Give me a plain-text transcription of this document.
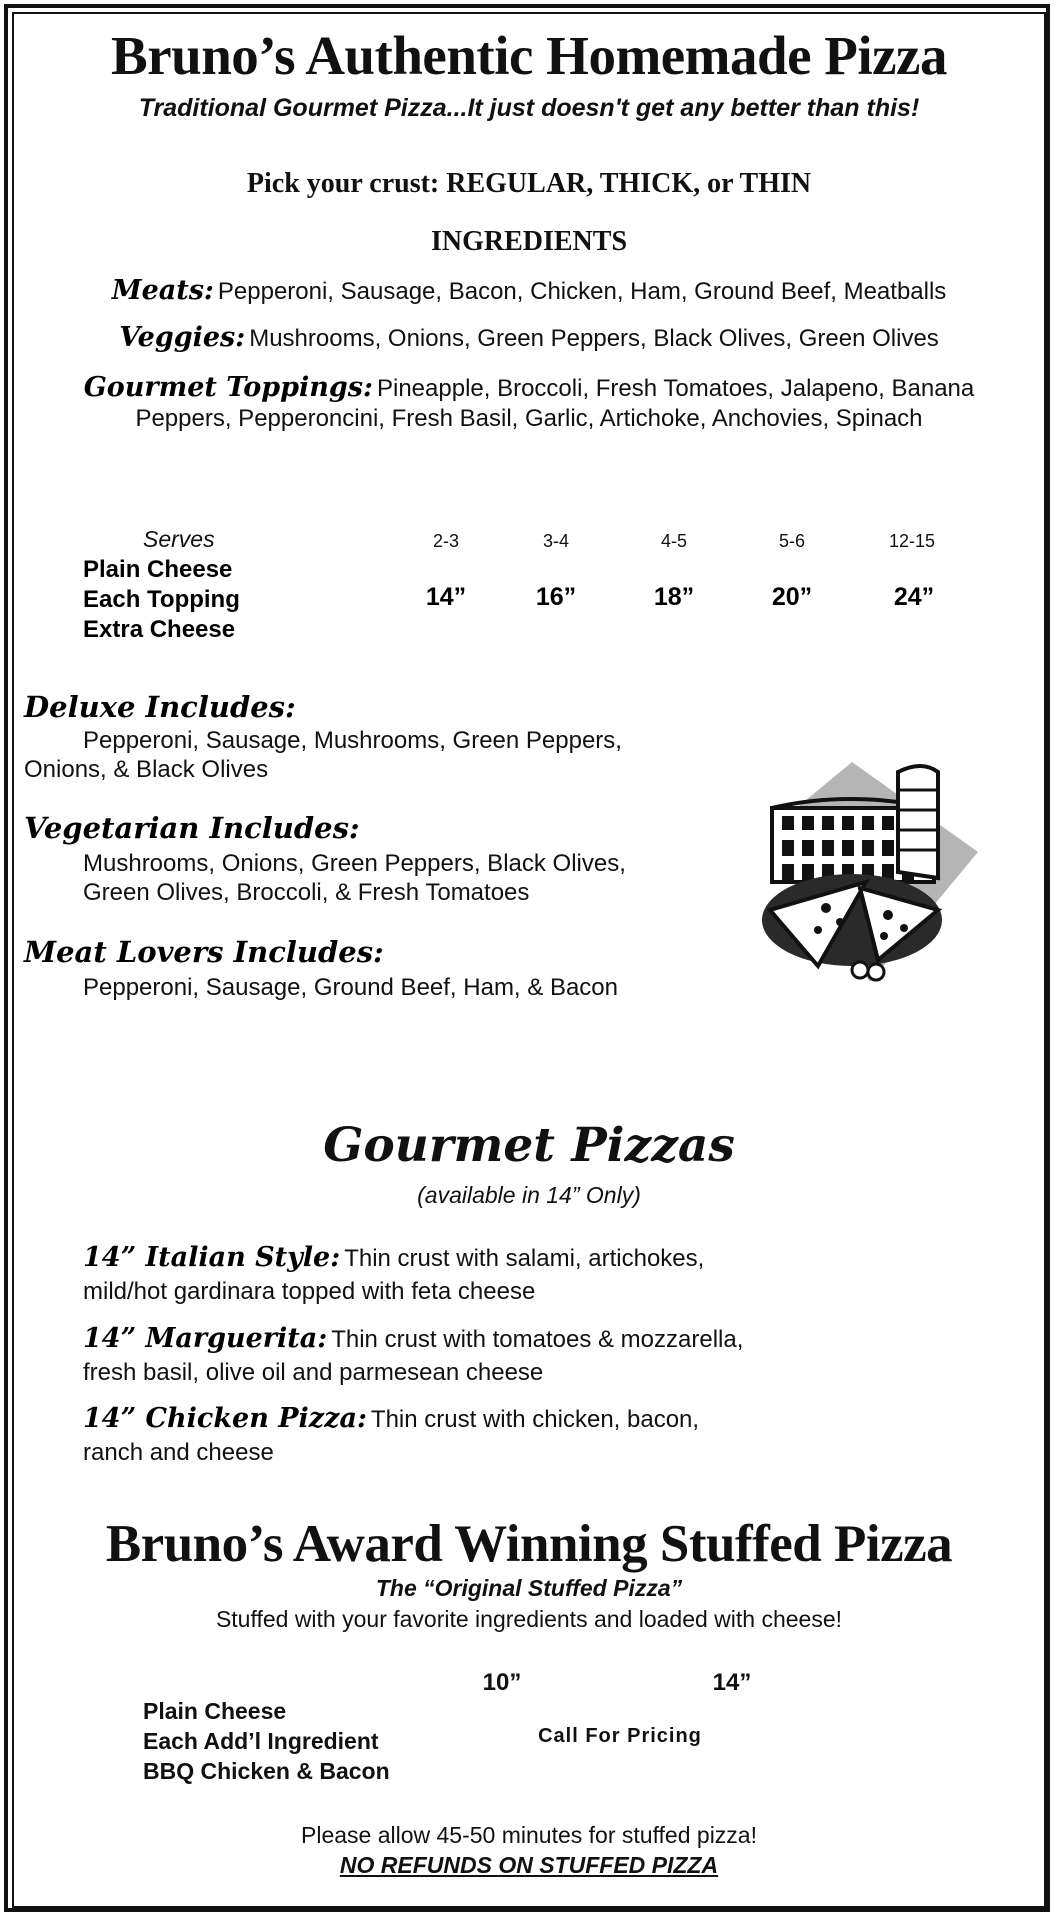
Bruno’s Authentic Homemade Pizza
Traditional Gourmet Pizza...It just doesn't get any better than this!
Pick your crust: REGULAR, THICK, or THIN
INGREDIENTS
Meats: Pepperoni, Sausage, Bacon, Chicken, Ham, Ground Beef, Meatballs
Veggies: Mushrooms, Onions, Green Peppers, Black Olives, Green Olives
Gourmet Toppings: Pineapple, Broccoli, Fresh Tomatoes, Jalapeno, Banana
Peppers, Pepperoncini, Fresh Basil, Garlic, Artichoke, Anchovies, Spinach
Serves	2-3	3-4	4-5	5-6	12-15
Plain Cheese
Each Topping
Extra Cheese
14”	16”	18”	20”	24”
Deluxe Includes:
Pepperoni, Sausage, Mushrooms, Green Peppers,
Onions, & Black Olives
Vegetarian Includes:
Mushrooms, Onions, Green Peppers, Black Olives,
Green Olives, Broccoli, & Fresh Tomatoes
Meat Lovers Includes:
Pepperoni, Sausage, Ground Beef, Ham, & Bacon
Gourmet Pizzas
(available in 14” Only)
14” Italian Style: Thin crust with salami, artichokes,
mild/hot gardinara topped with feta cheese
14” Marguerita: Thin crust with tomatoes & mozzarella,
fresh basil, olive oil and parmesean cheese
14” Chicken Pizza: Thin crust with chicken, bacon,
ranch and cheese
Bruno’s Award Winning Stuffed Pizza
The “Original Stuffed Pizza”
Stuffed with your favorite ingredients and loaded with cheese!
10”	14”
Plain Cheese
Each Add’l Ingredient
BBQ Chicken & Bacon
Call For Pricing
Please allow 45-50 minutes for stuffed pizza!
NO REFUNDS ON STUFFED PIZZA
